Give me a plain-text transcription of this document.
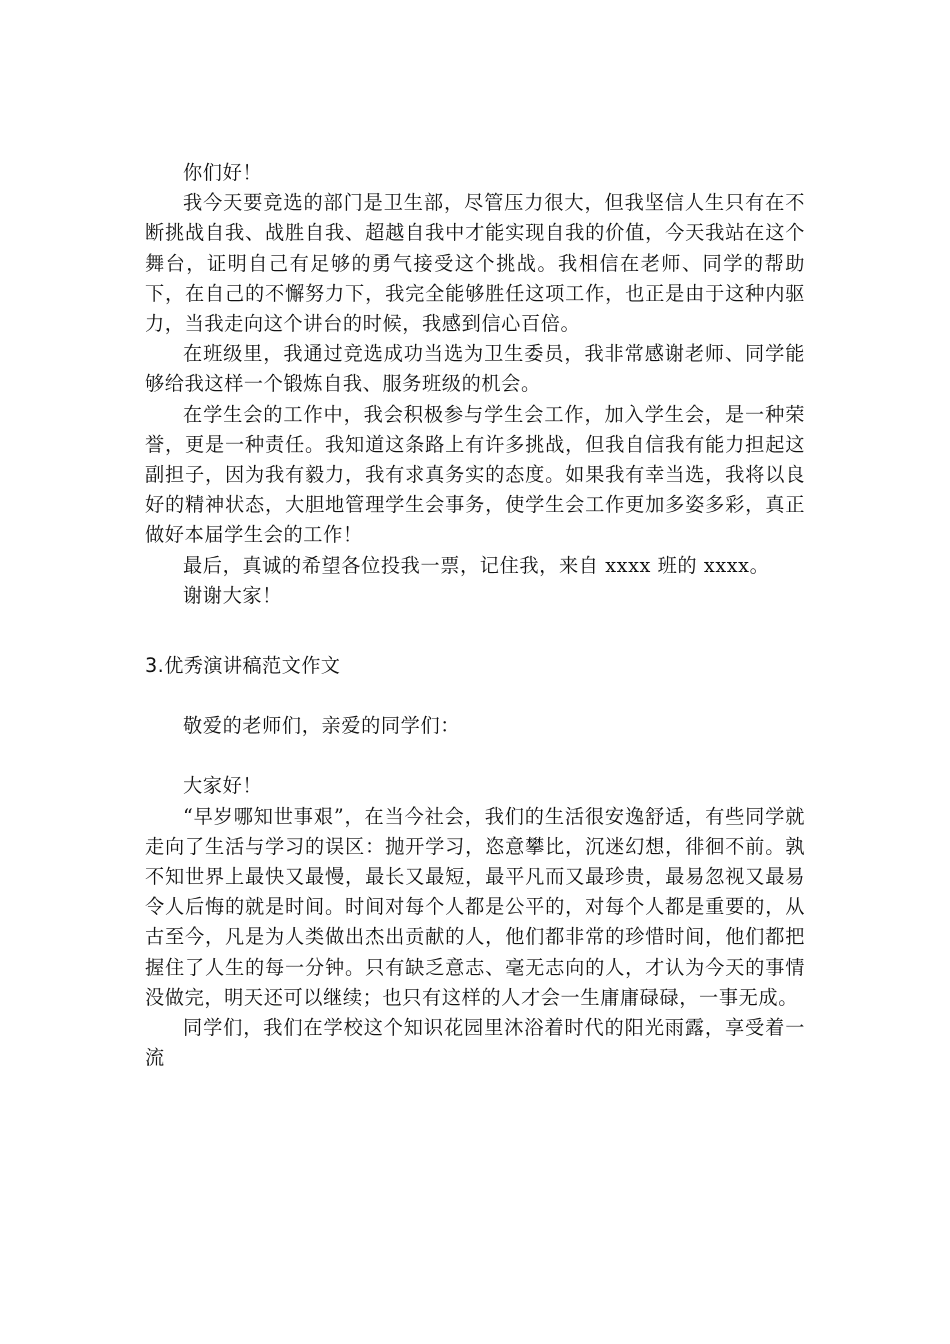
你们好！

我今天要竞选的部门是卫生部，尽管压力很大，但我坚信人生只有在不断挑战自我、战胜自我、超越自我中才能实现自我的价值，今天我站在这个舞台，证明自己有足够的勇气接受这个挑战。我相信在老师、同学的帮助下，在自己的不懈努力下，我完全能够胜任这项工作，也正是由于这种内驱力，当我走向这个讲台的时候，我感到信心百倍。

在班级里，我通过竞选成功当选为卫生委员，我非常感谢老师、同学能够给我这样一个锻炼自我、服务班级的机会。

在学生会的工作中，我会积极参与学生会工作，加入学生会，是一种荣誉，更是一种责任。我知道这条路上有许多挑战，但我自信我有能力担起这副担子，因为我有毅力，我有求真务实的态度。如果我有幸当选，我将以良好的精神状态，大胆地管理学生会事务，使学生会工作更加多姿多彩，真正做好本届学生会的工作！

最后，真诚的希望各位投我一票，记住我，来自 xxxx 班的 xxxx。

谢谢大家！

3.优秀演讲稿范文作文

敬爱的老师们，亲爱的同学们：

大家好！

“早岁哪知世事艰”，在当今社会，我们的生活很安逸舒适，有些同学就走向了生活与学习的误区：抛开学习，恣意攀比，沉迷幻想，徘徊不前。孰不知世界上最快又最慢，最长又最短，最平凡而又最珍贵，最易忽视又最易令人后悔的就是时间。时间对每个人都是公平的，对每个人都是重要的，从古至今，凡是为人类做出杰出贡献的人，他们都非常的珍惜时间，他们都把握住了人生的每一分钟。只有缺乏意志、毫无志向的人，才认为今天的事情没做完，明天还可以继续；也只有这样的人才会一生庸庸碌碌，一事无成。

同学们，我们在学校这个知识花园里沐浴着时代的阳光雨露，享受着一流
